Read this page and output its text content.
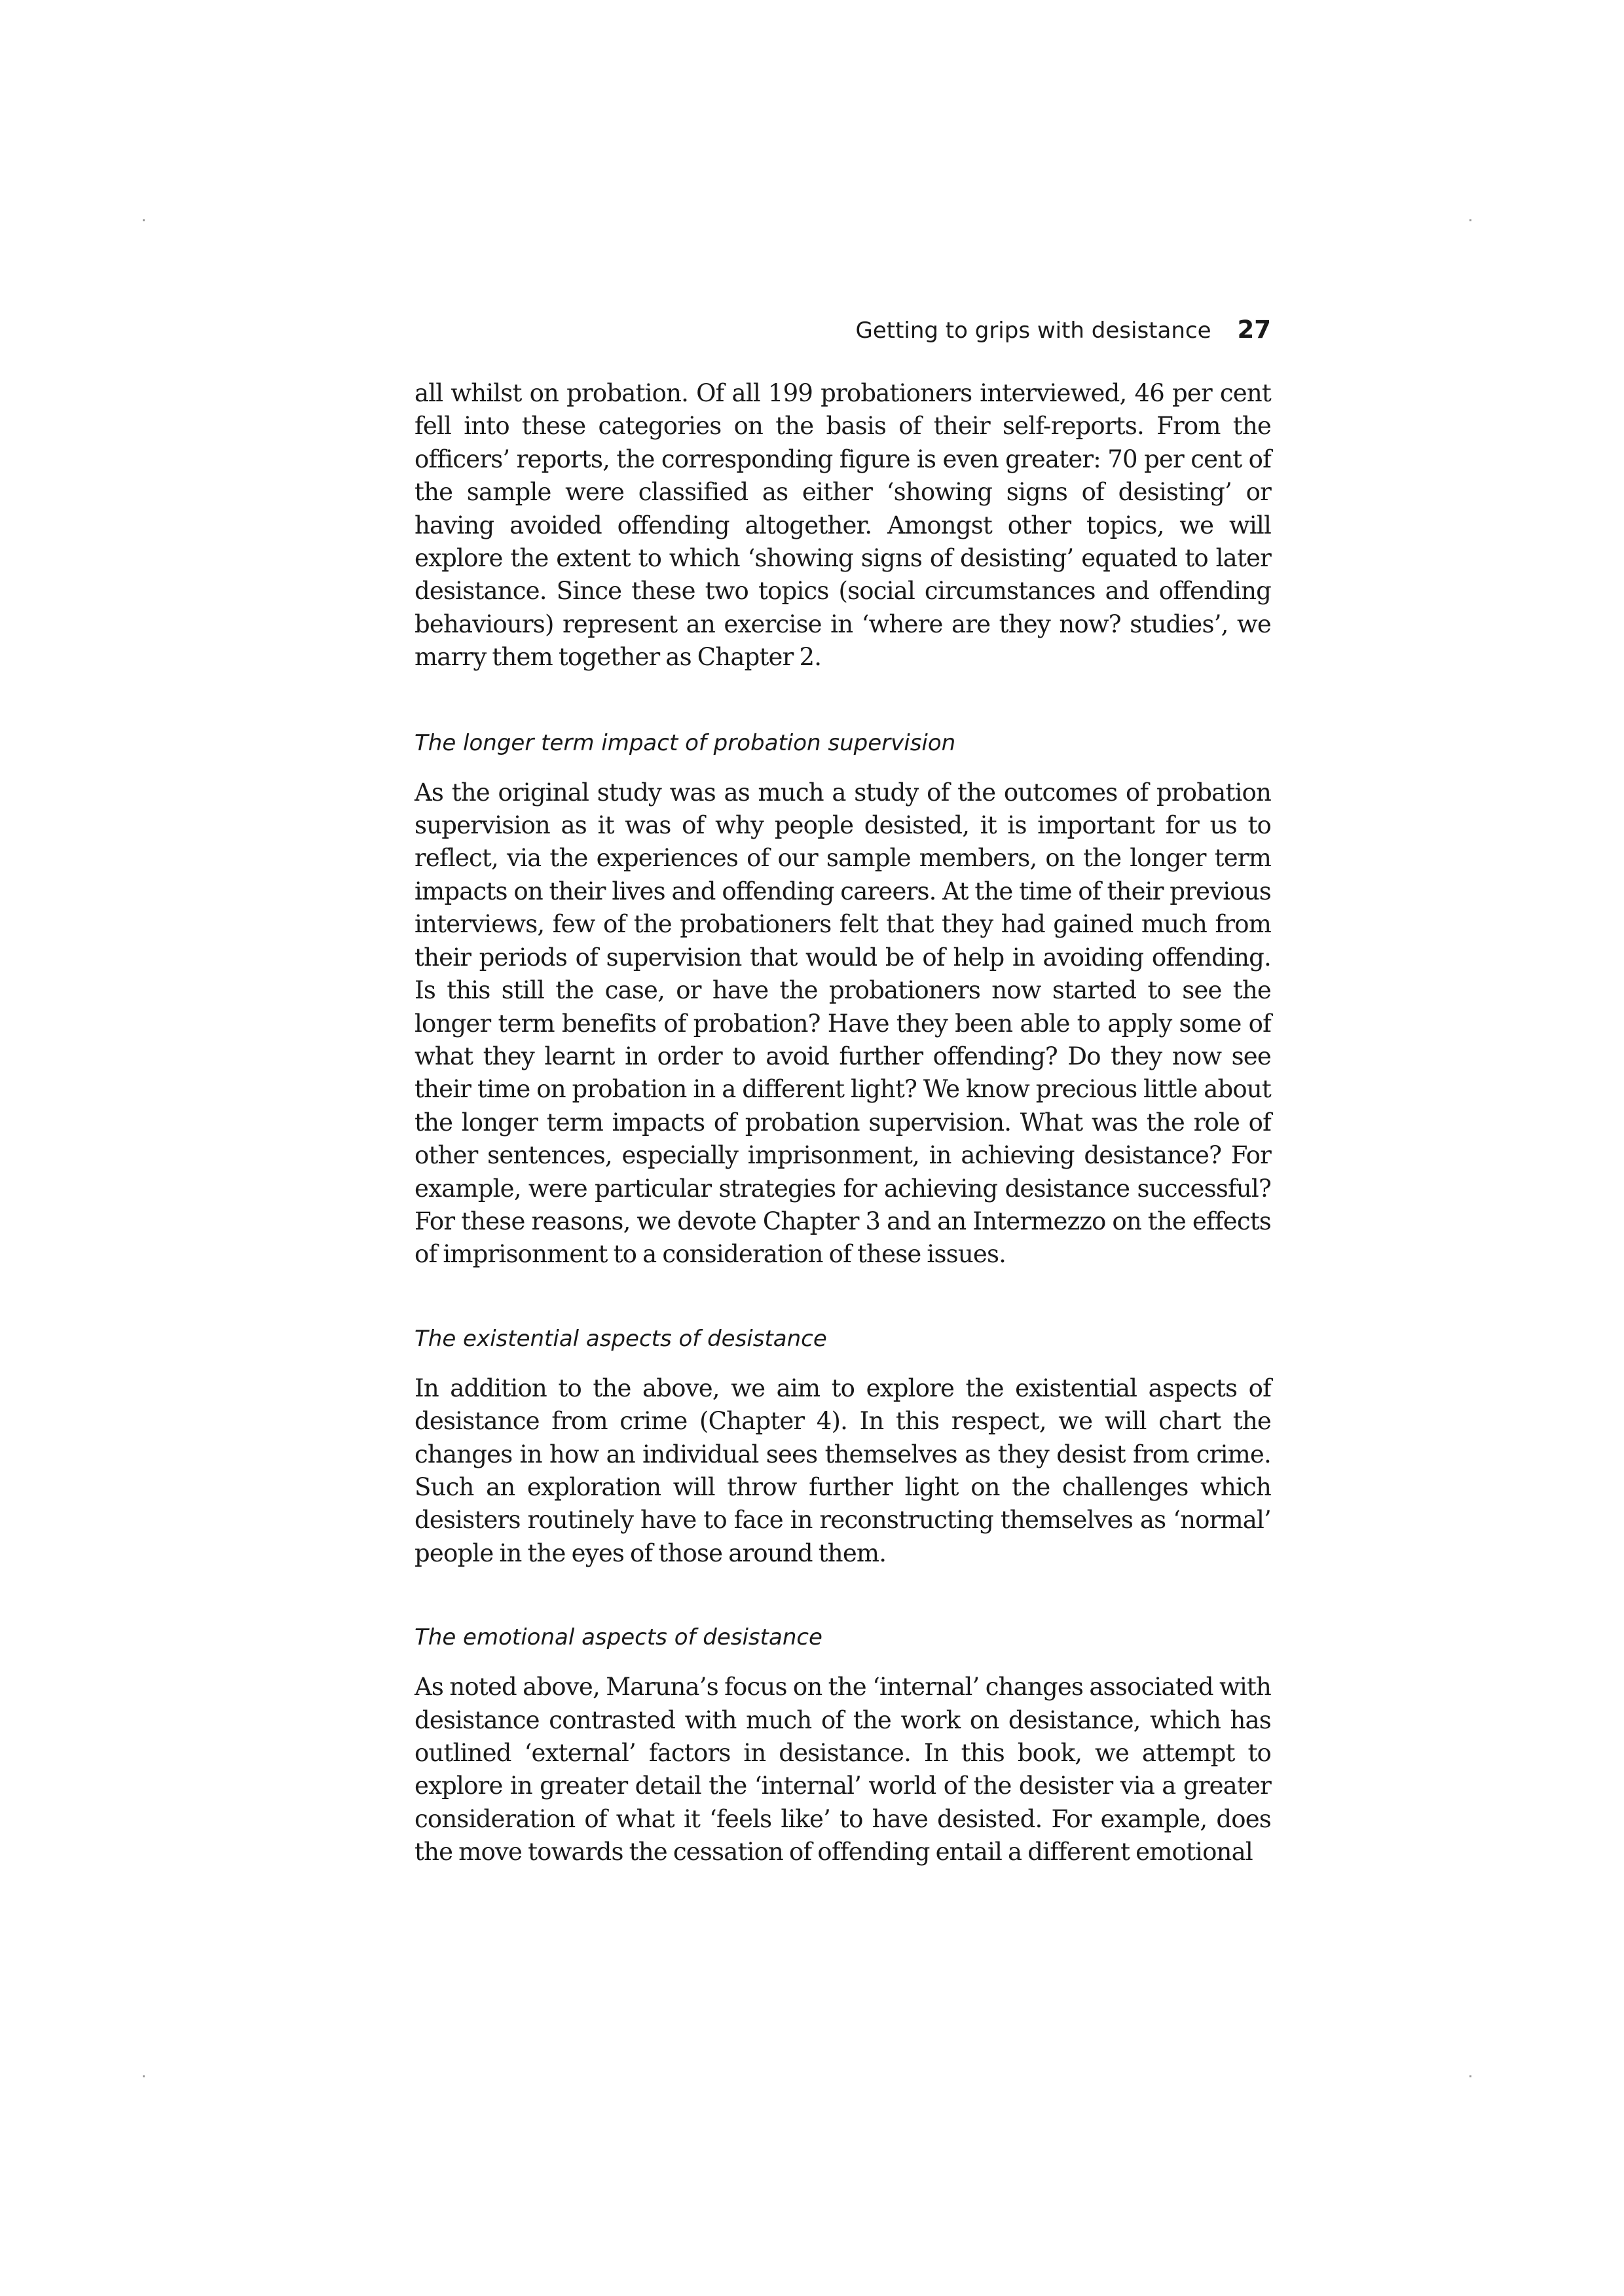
Getting to grips with desistance 27

all whilst on probation. Of all 199 probationers interviewed, 46 per cent fell into these categories on the basis of their self-reports. From the officers’ reports, the corresponding figure is even greater: 70 per cent of the sample were classified as either ‘showing signs of desisting’ or having avoided offending altogether. Amongst other topics, we will explore the extent to which ‘showing signs of desisting’ equated to later desistance. Since these two topics (social circumstances and offending behaviours) represent an exercise in ‘where are they now? studies’, we marry them together as Chapter 2.

The longer term impact of probation supervision

As the original study was as much a study of the outcomes of probation supervision as it was of why people desisted, it is important for us to reflect, via the experiences of our sample members, on the longer term impacts on their lives and offending careers. At the time of their previous interviews, few of the probationers felt that they had gained much from their periods of supervision that would be of help in avoiding offending. Is this still the case, or have the probationers now started to see the longer term benefits of probation? Have they been able to apply some of what they learnt in order to avoid further offending? Do they now see their time on probation in a different light? We know precious little about the longer term impacts of probation supervision. What was the role of other sentences, especially imprisonment, in achieving desistance? For example, were particular strategies for achieving desistance successful? For these reasons, we devote Chapter 3 and an Intermezzo on the effects of imprisonment to a consideration of these issues.

The existential aspects of desistance

In addition to the above, we aim to explore the existential aspects of desistance from crime (Chapter 4). In this respect, we will chart the changes in how an individual sees themselves as they desist from crime. Such an exploration will throw further light on the challenges which desisters routinely have to face in reconstructing themselves as ‘normal’ people in the eyes of those around them.

The emotional aspects of desistance

As noted above, Maruna’s focus on the ‘internal’ changes associated with desistance contrasted with much of the work on desistance, which has outlined ‘external’ factors in desistance. In this book, we attempt to explore in greater detail the ‘internal’ world of the desister via a greater consideration of what it ‘feels like’ to have desisted. For example, does the move towards the cessation of offending entail a different emotional
